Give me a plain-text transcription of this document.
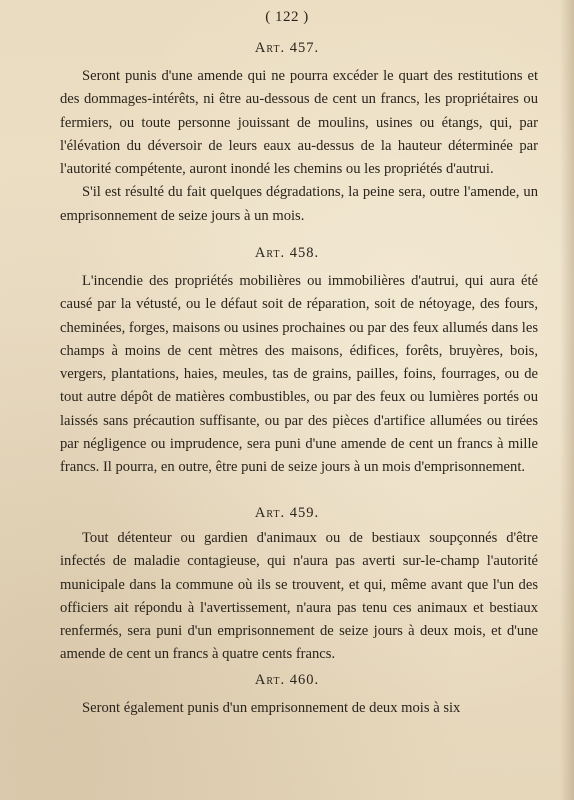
( 122 )
Art. 457.

Seront punis d'une amende qui ne pourra excéder le quart des restitutions et des dommages-intérêts, ni être au-dessous de cent un francs, les propriétaires ou fermiers, ou toute personne jouissant de moulins, usines ou étangs, qui, par l'élévation du déversoir de leurs eaux au-dessus de la hauteur déterminée par l'autorité compétente, auront inondé les chemins ou les propriétés d'autrui.

S'il est résulté du fait quelques dégradations, la peine sera, outre l'amende, un emprisonnement de seize jours à un mois.

Art. 458.

L'incendie des propriétés mobilières ou immobilières d'autrui, qui aura été causé par la vétusté, ou le défaut soit de réparation, soit de nétoyage, des fours, cheminées, forges, maisons ou usines prochaines ou par des feux allumés dans les champs à moins de cent mètres des maisons, édifices, forêts, bruyères, bois, vergers, plantations, haies, meules, tas de grains, pailles, foins, fourrages, ou de tout autre dépôt de matières combustibles, ou par des feux ou lumières portés ou laissés sans précaution suffisante, ou par des pièces d'artifice allumées ou tirées par négligence ou imprudence, sera puni d'une amende de cent un francs à mille francs. Il pourra, en outre, être puni de seize jours à un mois d'emprisonnement.

Art. 459.

Tout détenteur ou gardien d'animaux ou de bestiaux soupçonnés d'être infectés de maladie contagieuse, qui n'aura pas averti sur-le-champ l'autorité municipale dans la commune où ils se trouvent, et qui, même avant que l'un des officiers ait répondu à l'avertissement, n'aura pas tenu ces animaux et bestiaux renfermés, sera puni d'un emprisonnement de seize jours à deux mois, et d'une amende de cent un francs à quatre cents francs.

Art. 460.

Seront également punis d'un emprisonnement de deux mois à six
